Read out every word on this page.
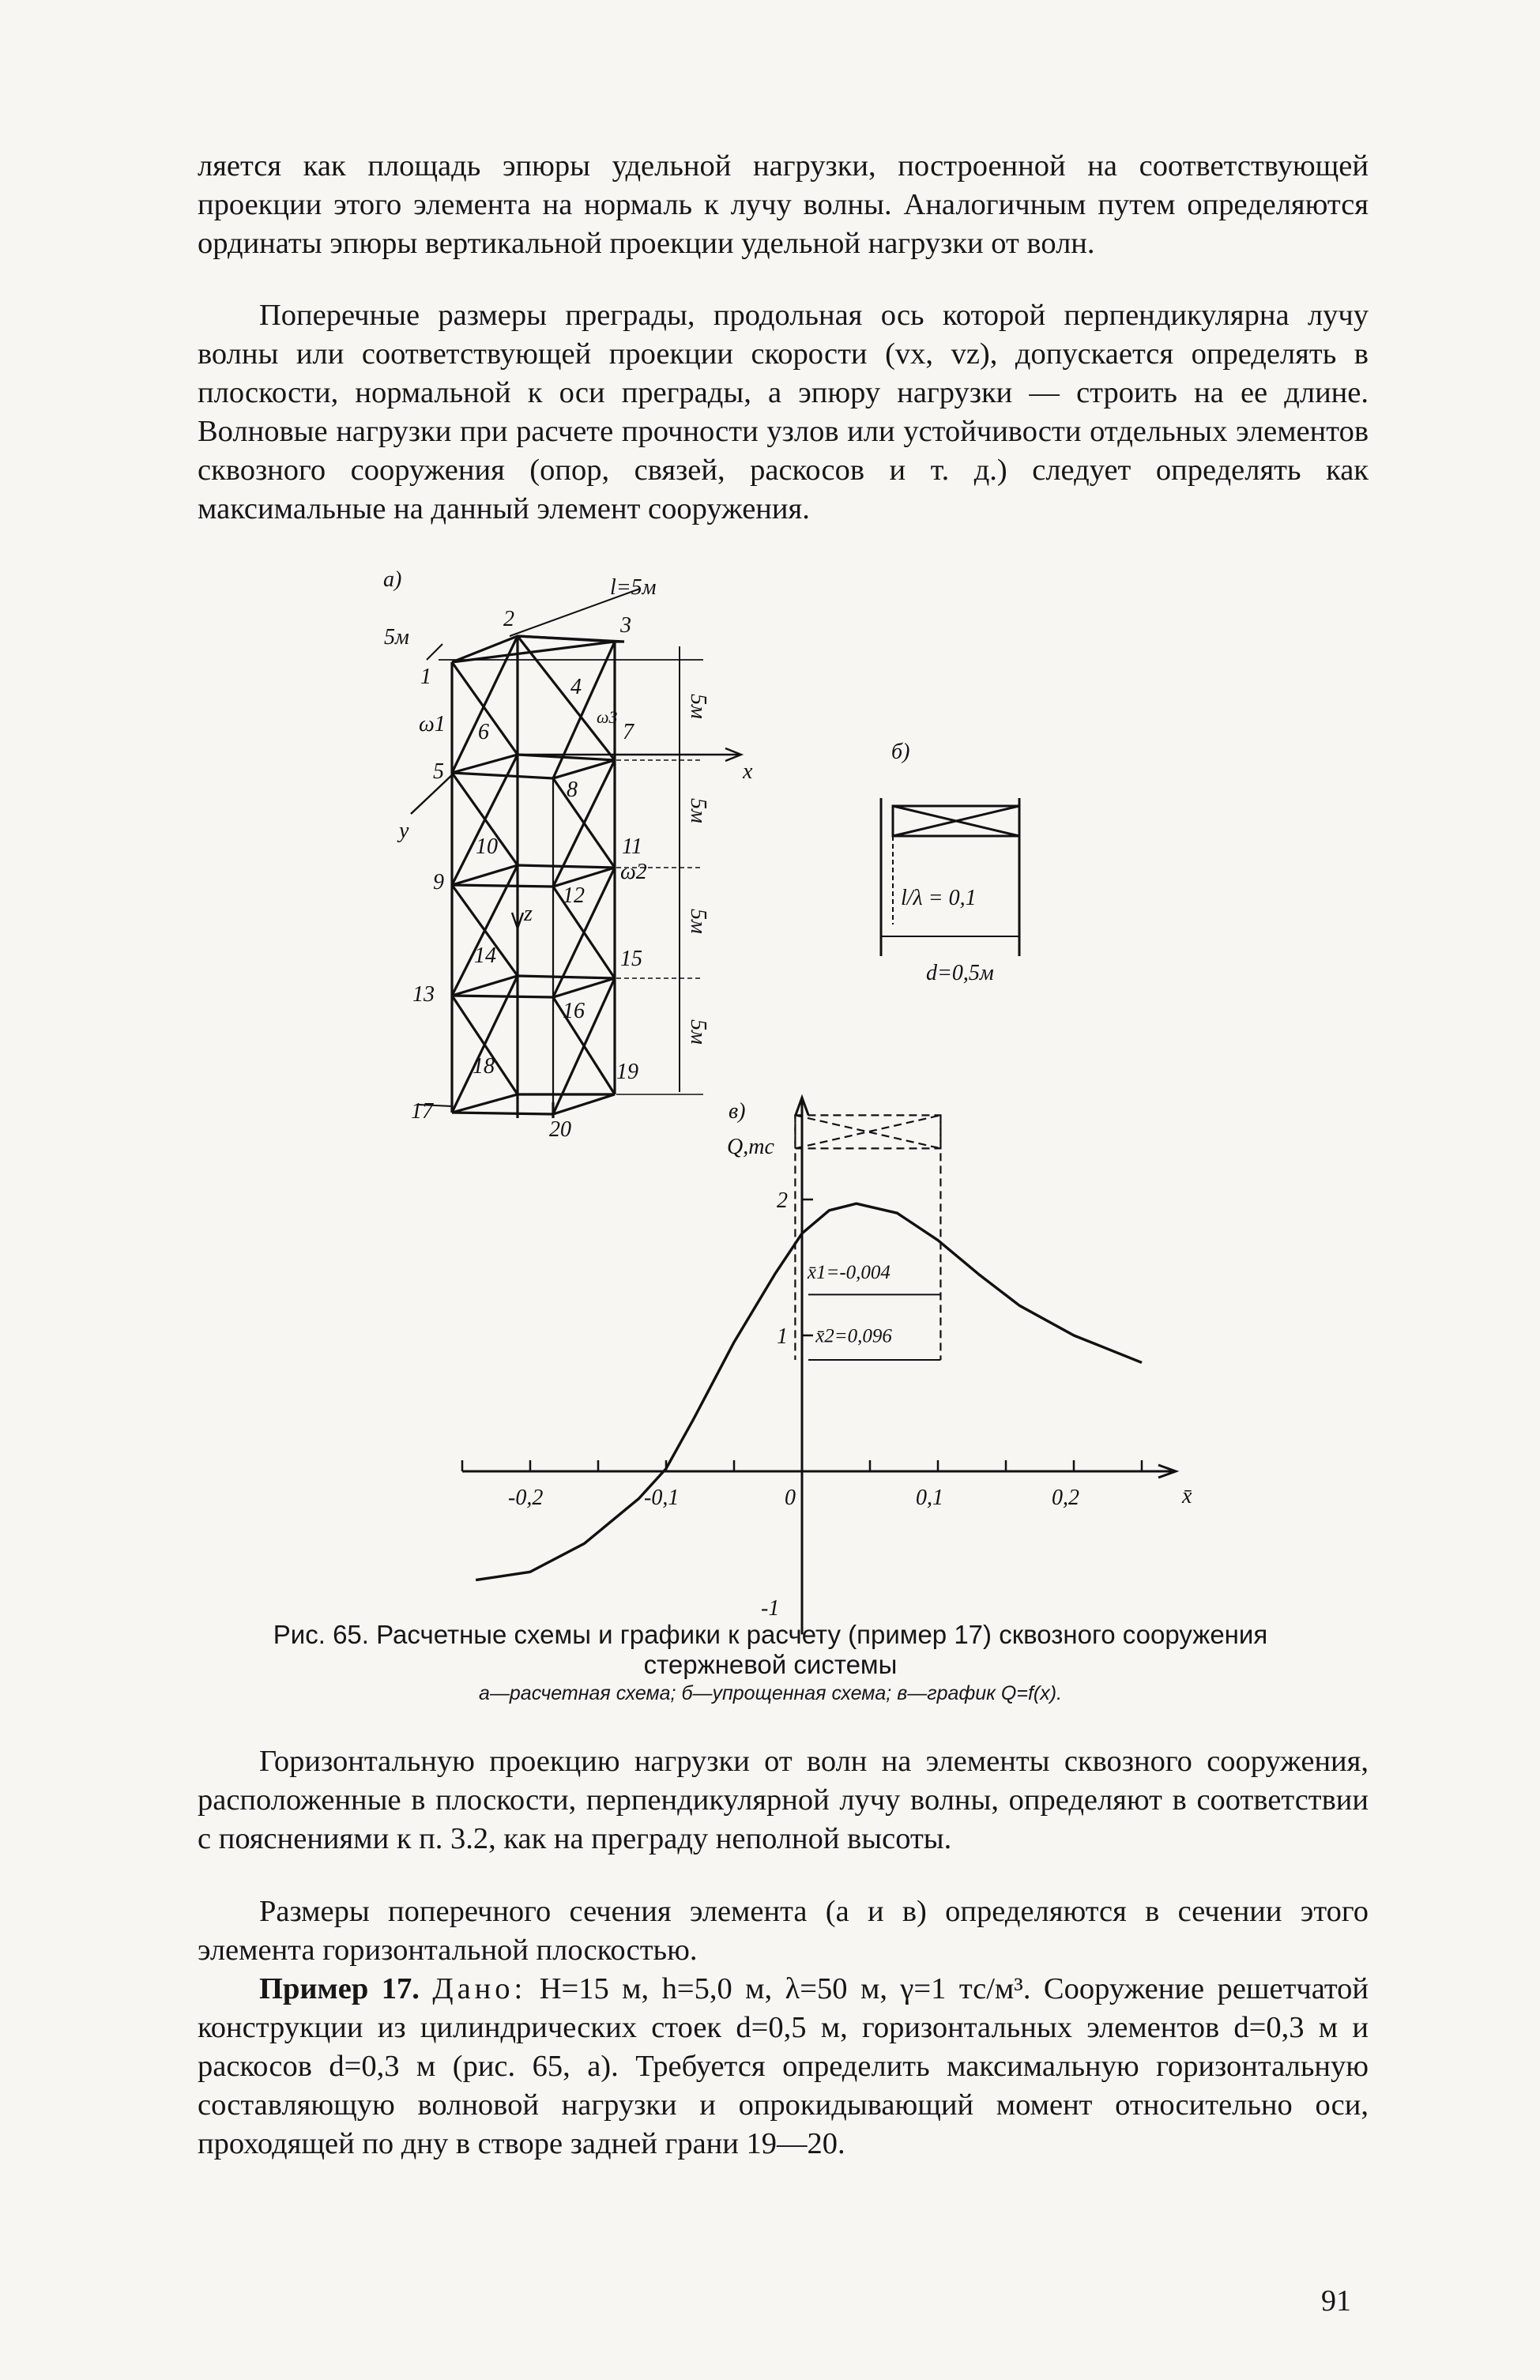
ляется как площадь эпюры удельной нагрузки, построенной на соответствующей проекции этого элемента на нормаль к лучу волны. Аналогичным путем определяются ординаты эпюры вертикальной проекции удельной нагрузки от волн.

Поперечные размеры преграды, продольная ось которой перпендикулярна лучу волны или соответствующей проекции скорости (vx, vz), допускается определять в плоскости, нормальной к оси преграды, а эпюру нагрузки — строить на ее длине. Волновые нагрузки при расчете прочности узлов или устойчивости отдельных элементов сквозного сооружения (опор, связей, раскосов и т. д.) следует определять как максимальные на данный элемент сооружения.

а)	l=5м
5м
ω1
ω2
ω3
x
y
z
1
2	3
4
5
6	7
8
9
10	11
12
13
14	15
16
17
18	19
20
5м
5м
5м
5м
б)
l/λ = 0,1
d=0,5м
-0,2	-0,1	0	0,1	0,2
2
1
-1
в)
Q,тс
x̄
x̄1=-0,004
x̄2=0,096
Рис. 65. Расчетные схемы и графики к расчету (пример 17) сквозного сооружения стержневой системы
а—расчетная схема; б—упрощенная схема; в—график Q=f(x).

Горизонтальную проекцию нагрузки от волн на элементы сквозного сооружения, расположенные в плоскости, перпендикулярной лучу волны, определяют в соответствии с пояснениями к п. 3.2, как на преграду неполной высоты.

Размеры поперечного сечения элемента (а и в) определяются в сечении этого элемента горизонтальной плоскостью.

Пример 17. Дано: H=15 м, h=5,0 м, λ=50 м, γ=1 тс/м³. Сооружение решетчатой конструкции из цилиндрических стоек d=0,5 м, горизонтальных элементов d=0,3 м и раскосов d=0,3 м (рис. 65, а). Требуется определить максимальную горизонтальную составляющую волновой нагрузки и опрокидывающий момент относительно оси, проходящей по дну в створе задней грани 19—20.

91
